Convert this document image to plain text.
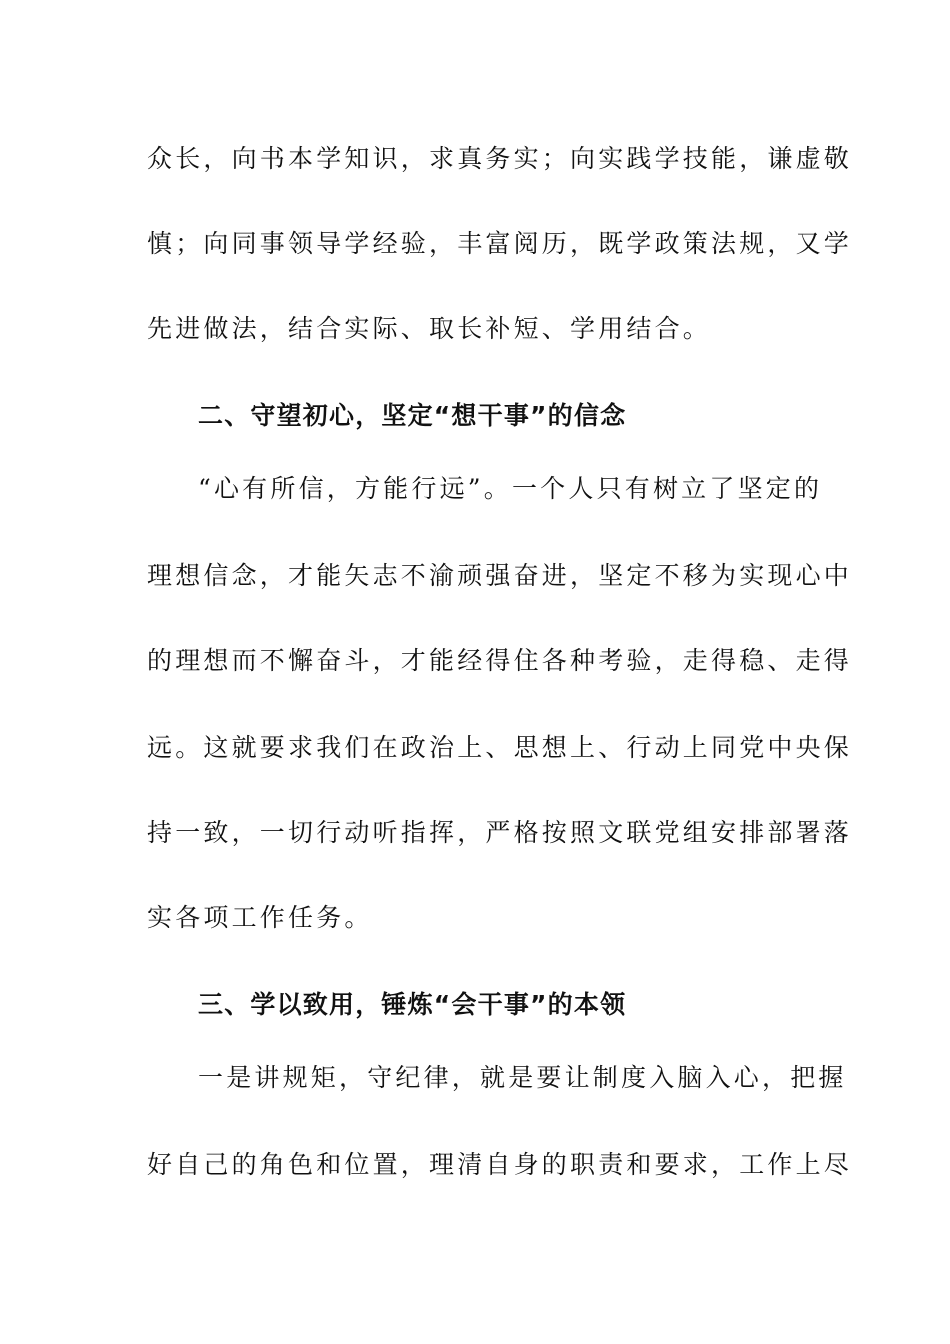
众长，向书本学知识，求真务实；向实践学技能，谦虚敬
慎；向同事领导学经验，丰富阅历，既学政策法规，又学
先进做法，结合实际、取长补短、学用结合。
二、守望初心，坚定“想干事”的信念
“心有所信，方能行远”。一个人只有树立了坚定的
理想信念，才能矢志不渝顽强奋进，坚定不移为实现心中
的理想而不懈奋斗，才能经得住各种考验，走得稳、走得
远。这就要求我们在政治上、思想上、行动上同党中央保
持一致，一切行动听指挥，严格按照文联党组安排部署落
实各项工作任务。
三、学以致用，锤炼“会干事”的本领
一是讲规矩，守纪律，就是要让制度入脑入心，把握
好自己的角色和位置，理清自身的职责和要求，工作上尽
